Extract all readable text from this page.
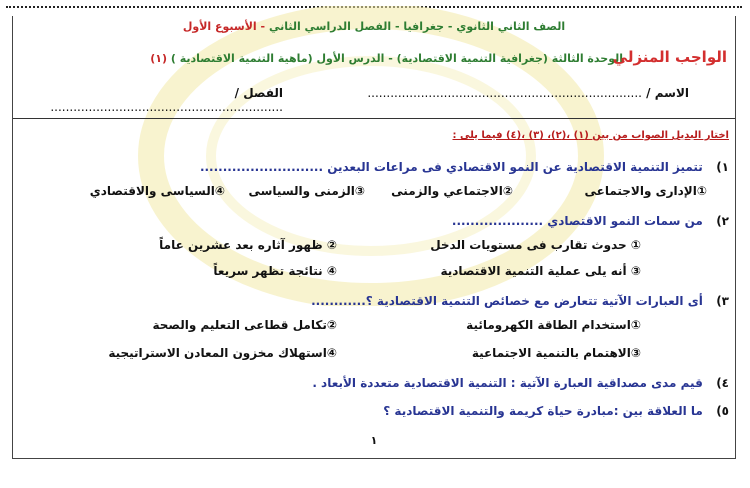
الصف الثاني الثانوي - جغرافيا - الفصل الدراسي الثاني - الأسبوع الأول
الوحدة الثالثة (جغرافية التنمية الاقتصادية) - الدرس الأول (ماهية التنمية الاقتصادية ) (١)	الواجب المنزلي
الاسم / ........................................................................
الفصل / .............................................................
اختار البديل الصواب من بين (١) ،(٢)، (٣) ،(٤) فيما يلى :
١) تتميز التنمية الاقتصادية عن النمو الاقتصادي فى مراعات البعدين ...........................
①الإدارى والاجتماعى
②الاجتماعي والزمنى
③الزمنى والسياسى
④السياسى والاقتصادي
٢) من سمات النمو الاقتصادي ....................
① حدوث تقارب فى مستويات الدخل
② ظهور آثاره بعد عشرين عاماً
③ أنه يلى عملية التنمية الاقتصادية
④ نتائجة تظهر سريعاً
٣) أى العبارات الآتية تتعارض مع خصائص التنمية الاقتصادية ؟............
①استخدام الطاقة الكهرومائية
②تكامل قطاعى التعليم والصحة
③الاهتمام بالتنمية الاجتماعية
④استهلاك مخزون المعادن الاستراتيجية
٤) قيم مدى مصداقية العبارة الآتية : التنمية الاقتصادية متعددة الأبعاد .
٥) ما العلاقة بين :مبادرة حياة كريمة والتنمية الاقتصادية ؟
١
